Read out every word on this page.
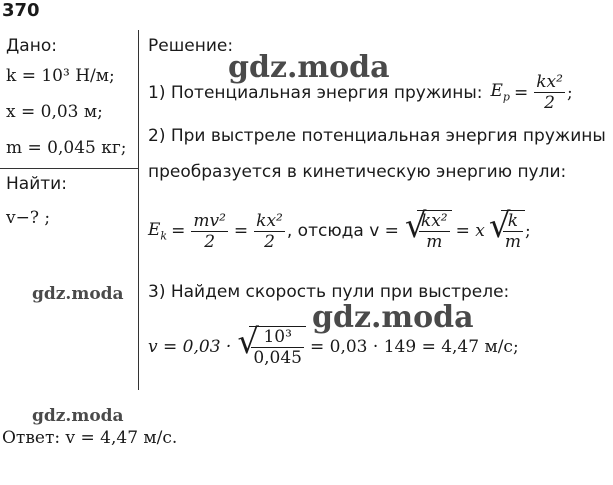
370
Дано:
k = 10³ Н/м;
x = 0,03 м;
m = 0,045 кг;
Найти:
v−? ;
Решение:
1) Потенциальная энергия пружины: $E_p = \frac{\text{kx²}}{2}$ ;
2) При выстреле потенциальная энергия пружины
преобразуется в кинетическую энергию пули:
$E_k = \frac{\text{mv²}}{2} = \frac{\text{kx²}}{2}$ , отсюда v = √
$\frac{\text{kx²}}{m} = x$ √
$\frac{k}{m}$ ;
3) Найдем скорость пули при выстреле:
v = 0,03 · √
$\frac{\text{10³}}{0,045} = 0,03 \cdot 149 = 4,47$ м/с;
Ответ: v = 4,47 м/с.
gdz.moda
gdz.moda
gdz.moda
gdz.moda
